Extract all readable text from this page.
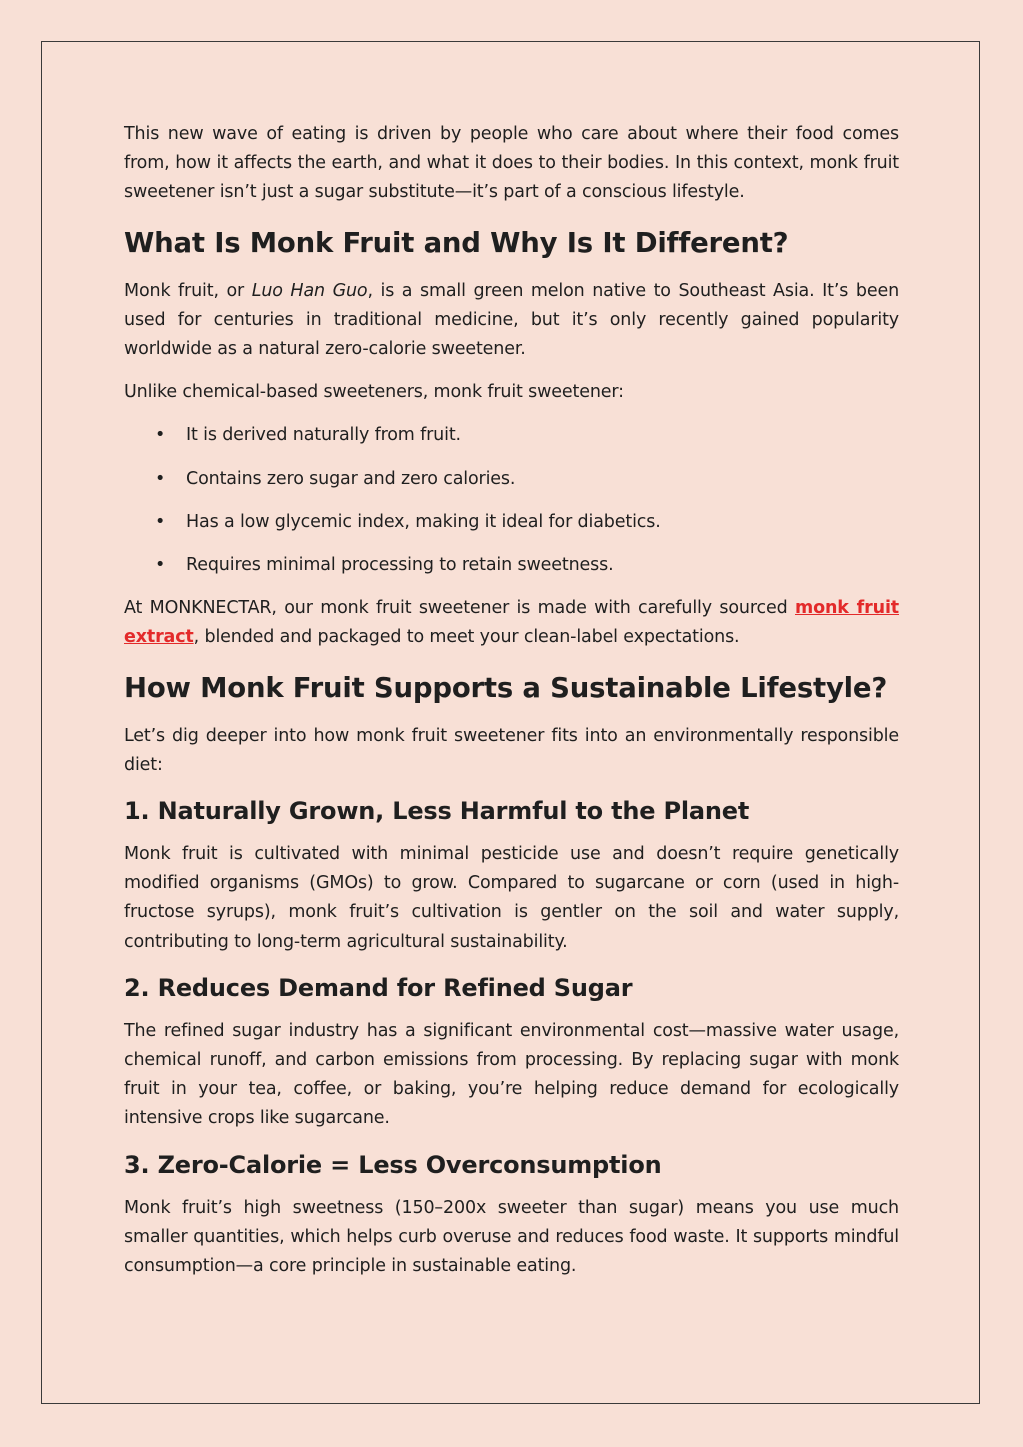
This new wave of eating is driven by people who care about where their food comes from, how it affects the earth, and what it does to their bodies. In this context, monk fruit sweetener isn’t just a sugar substitute—it’s part of a conscious lifestyle.

What Is Monk Fruit and Why Is It Different?

Monk fruit, or Luo Han Guo, is a small green melon native to Southeast Asia. It’s been used for centuries in traditional medicine, but it’s only recently gained popularity worldwide as a natural zero-calorie sweetener.

Unlike chemical-based sweeteners, monk fruit sweetener:

• It is derived naturally from fruit.
• Contains zero sugar and zero calories.
• Has a low glycemic index, making it ideal for diabetics.
• Requires minimal processing to retain sweetness.

At MONKNECTAR, our monk fruit sweetener is made with carefully sourced monk fruit extract, blended and packaged to meet your clean-label expectations.

How Monk Fruit Supports a Sustainable Lifestyle?

Let’s dig deeper into how monk fruit sweetener fits into an environmentally responsible diet:

1. Naturally Grown, Less Harmful to the Planet

Monk fruit is cultivated with minimal pesticide use and doesn’t require genetically modified organisms (GMOs) to grow. Compared to sugarcane or corn (used in high-fructose syrups), monk fruit’s cultivation is gentler on the soil and water supply, contributing to long-term agricultural sustainability.

2. Reduces Demand for Refined Sugar

The refined sugar industry has a significant environmental cost—massive water usage, chemical runoff, and carbon emissions from processing. By replacing sugar with monk fruit in your tea, coffee, or baking, you’re helping reduce demand for ecologically intensive crops like sugarcane.

3. Zero-Calorie = Less Overconsumption

Monk fruit’s high sweetness (150–200x sweeter than sugar) means you use much smaller quantities, which helps curb overuse and reduces food waste. It supports mindful consumption—a core principle in sustainable eating.
